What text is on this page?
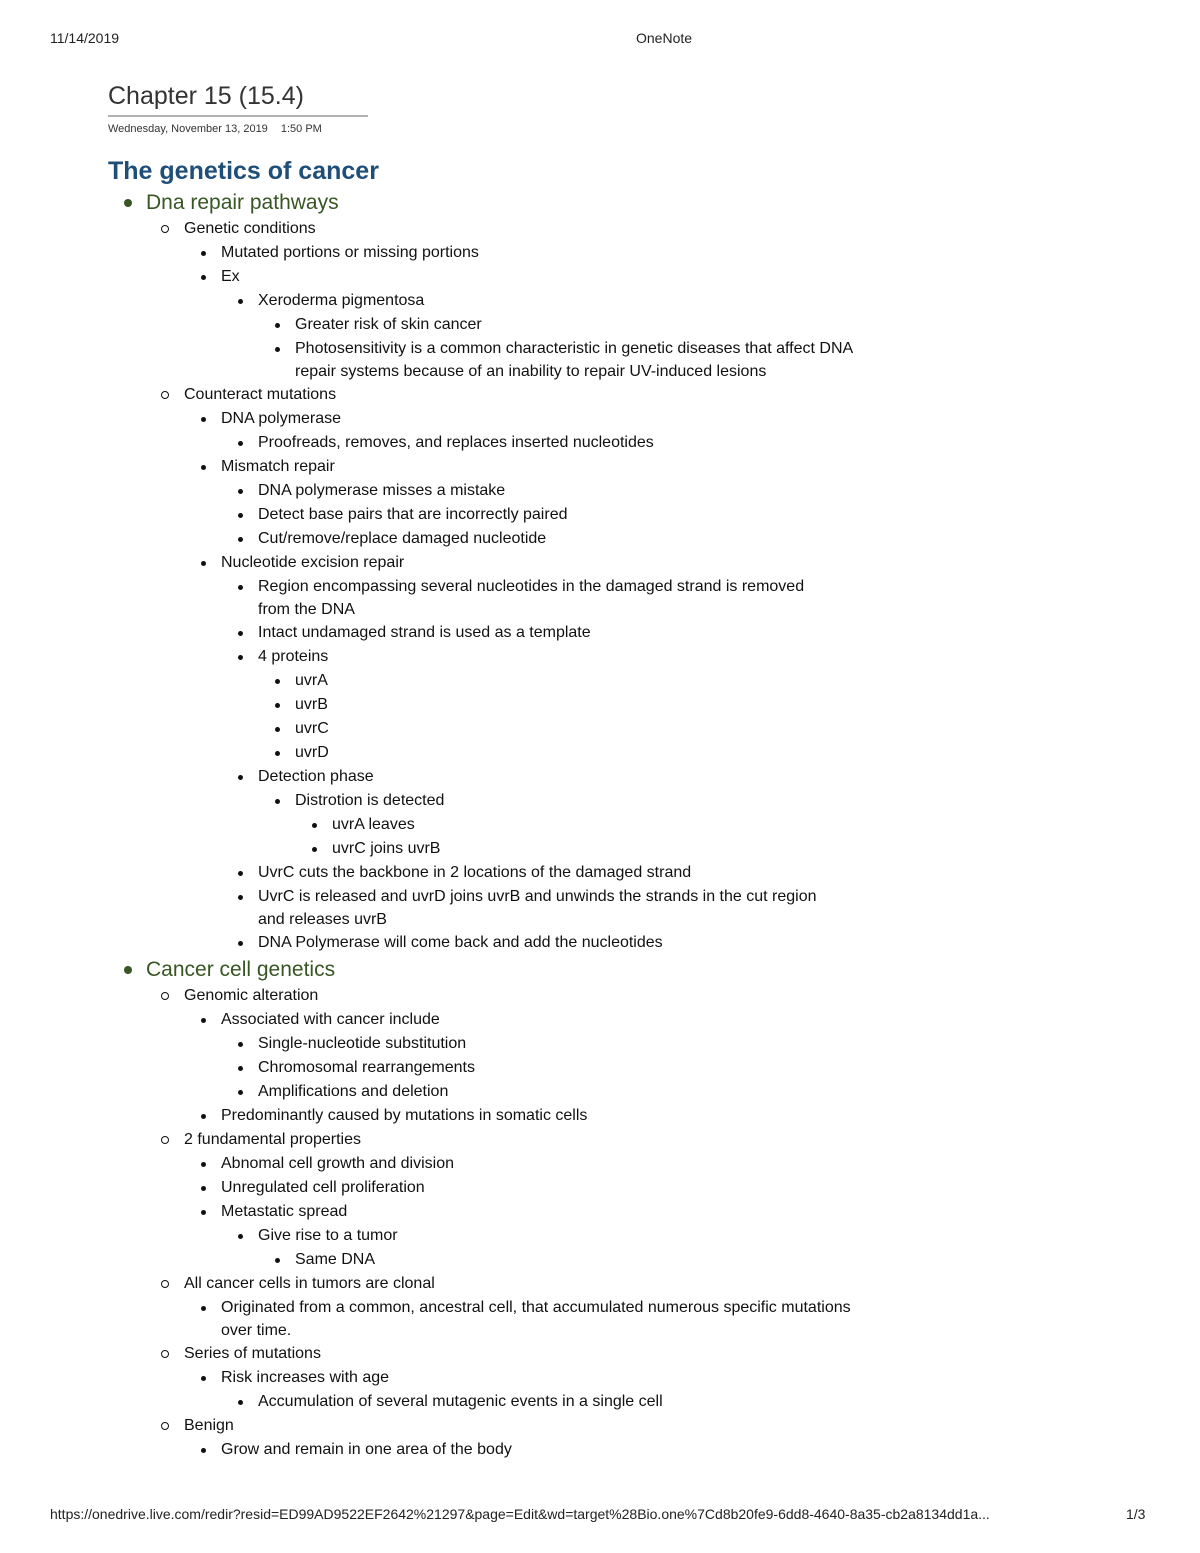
11/14/2019	OneNote
Chapter 15 (15.4)
Wednesday, November 13, 2019 1:50 PM
The genetics of cancer
Dna repair pathways
Genetic conditions
Mutated portions or missing portions
Ex
Xeroderma pigmentosa
Greater risk of skin cancer
Photosensitivity is a common characteristic in genetic diseases that affect DNA repair systems because of an inability to repair UV-induced lesions
Counteract mutations
DNA polymerase
Proofreads, removes, and replaces inserted nucleotides
Mismatch repair
DNA polymerase misses a mistake
Detect base pairs that are incorrectly paired
Cut/remove/replace damaged nucleotide
Nucleotide excision repair
Region encompassing several nucleotides in the damaged strand is removed from the DNA
Intact undamaged strand is used as a template
4 proteins
uvrA
uvrB
uvrC
uvrD
Detection phase
Distrotion is detected
uvrA leaves
uvrC joins uvrB
UvrC cuts the backbone in 2 locations of the damaged strand
UvrC is released and uvrD joins uvrB and unwinds the strands in the cut region and releases uvrB
DNA Polymerase will come back and add the nucleotides
Cancer cell genetics
Genomic alteration
Associated with cancer include
Single-nucleotide substitution
Chromosomal rearrangements
Amplifications and deletion
Predominantly caused by mutations in somatic cells
2 fundamental properties
Abnomal cell growth and division
Unregulated cell proliferation
Metastatic spread
Give rise to a tumor
Same DNA
All cancer cells in tumors are clonal
Originated from a common, ancestral cell, that accumulated numerous specific mutations over time.
Series of mutations
Risk increases with age
Accumulation of several mutagenic events in a single cell
Benign
Grow and remain in one area of the body
https://onedrive.live.com/redir?resid=ED99AD9522EF2642%21297&page=Edit&wd=target%28Bio.one%7Cd8b20fe9-6dd8-4640-8a35-cb2a8134dd1a...	1/3
